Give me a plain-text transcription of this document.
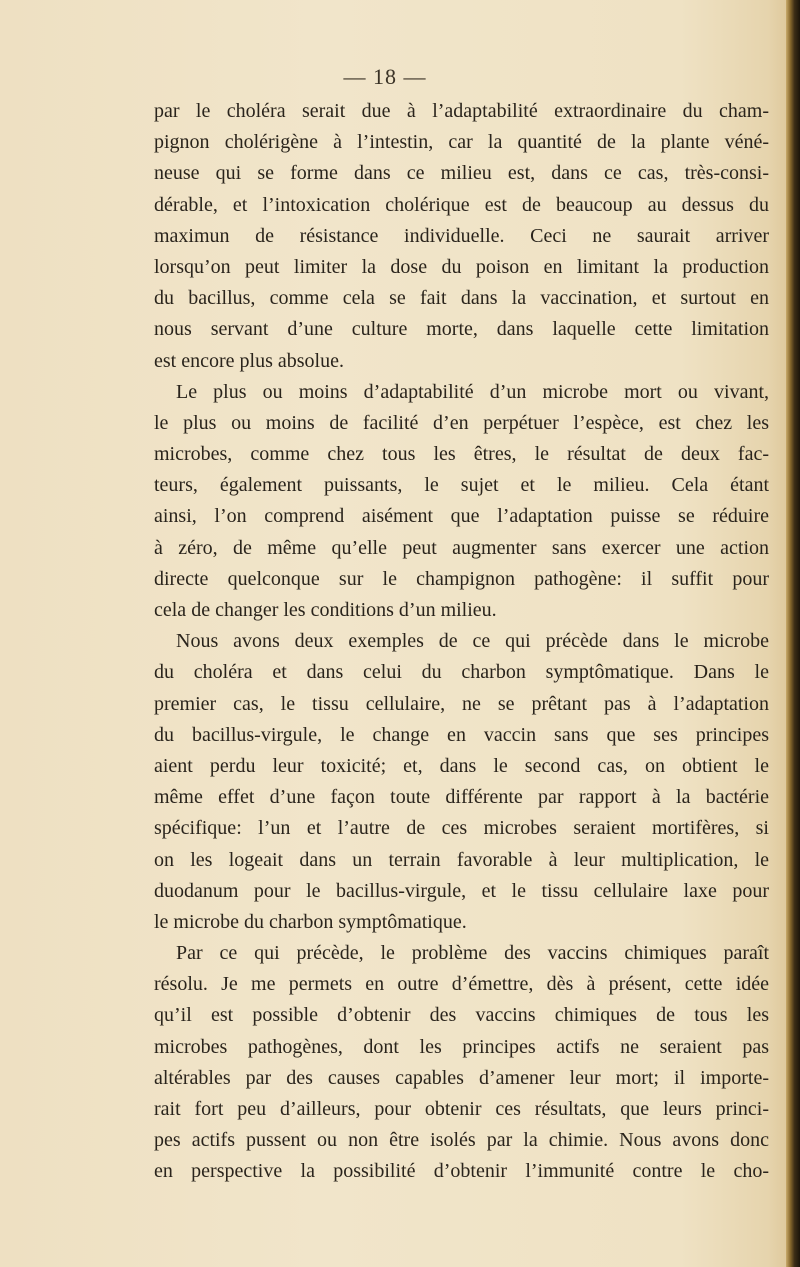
— 18 —
par le choléra serait due à l’adaptabilité extraordinaire du cham-
pignon cholérigène à l’intestin, car la quantité de la plante véné-
neuse qui se forme dans ce milieu est, dans ce cas, très-consi-
dérable, et l’intoxication cholérique est de beaucoup au dessus du
maximun de résistance individuelle. Ceci ne saurait arriver
lorsqu’on peut limiter la dose du poison en limitant la production
du bacillus, comme cela se fait dans la vaccination, et surtout en
nous servant d’une culture morte, dans laquelle cette limitation
est encore plus absolue.
Le plus ou moins d’adaptabilité d’un microbe mort ou vivant,
le plus ou moins de facilité d’en perpétuer l’espèce, est chez les
microbes, comme chez tous les êtres, le résultat de deux fac-
teurs, également puissants, le sujet et le milieu. Cela étant
ainsi, l’on comprend aisément que l’adaptation puisse se réduire
à zéro, de même qu’elle peut augmenter sans exercer une action
directe quelconque sur le champignon pathogène: il suffit pour
cela de changer les conditions d’un milieu.
Nous avons deux exemples de ce qui précède dans le microbe
du choléra et dans celui du charbon symptômatique. Dans le
premier cas, le tissu cellulaire, ne se prêtant pas à l’adaptation
du bacillus-virgule, le change en vaccin sans que ses principes
aient perdu leur toxicité; et, dans le second cas, on obtient le
même effet d’une façon toute différente par rapport à la bactérie
spécifique: l’un et l’autre de ces microbes seraient mortifères, si
on les logeait dans un terrain favorable à leur multiplication, le
duodanum pour le bacillus-virgule, et le tissu cellulaire laxe pour
le microbe du charbon symptômatique.
Par ce qui précède, le problème des vaccins chimiques paraît
résolu. Je me permets en outre d’émettre, dès à présent, cette idée
qu’il est possible d’obtenir des vaccins chimiques de tous les
microbes pathogènes, dont les principes actifs ne seraient pas
altérables par des causes capables d’amener leur mort; il importe-
rait fort peu d’ailleurs, pour obtenir ces résultats, que leurs princi-
pes actifs pussent ou non être isolés par la chimie. Nous avons donc
en perspective la possibilité d’obtenir l’immunité contre le cho-
